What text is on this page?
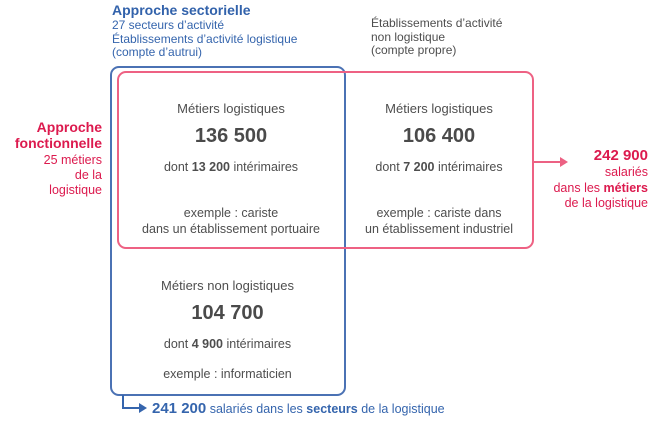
Approche sectorielle
27 secteurs d’activité
Établissements d’activité logistique
(compte d’autrui)
Établissements d’activité
non logistique
(compte propre)
Approche
fonctionnelle
25 métiers
de la
logistique
Métiers logistiques
136 500
dont 13 200 intérimaires
exemple : cariste
dans un établissement portuaire
Métiers logistiques
106 400
dont 7 200 intérimaires
exemple : cariste dans
un établissement industriel
Métiers non logistiques
104 700
dont 4 900 intérimaires
exemple : informaticien
242 900
salariés
dans les métiers
de la logistique
241 200 salariés dans les secteurs de la logistique
